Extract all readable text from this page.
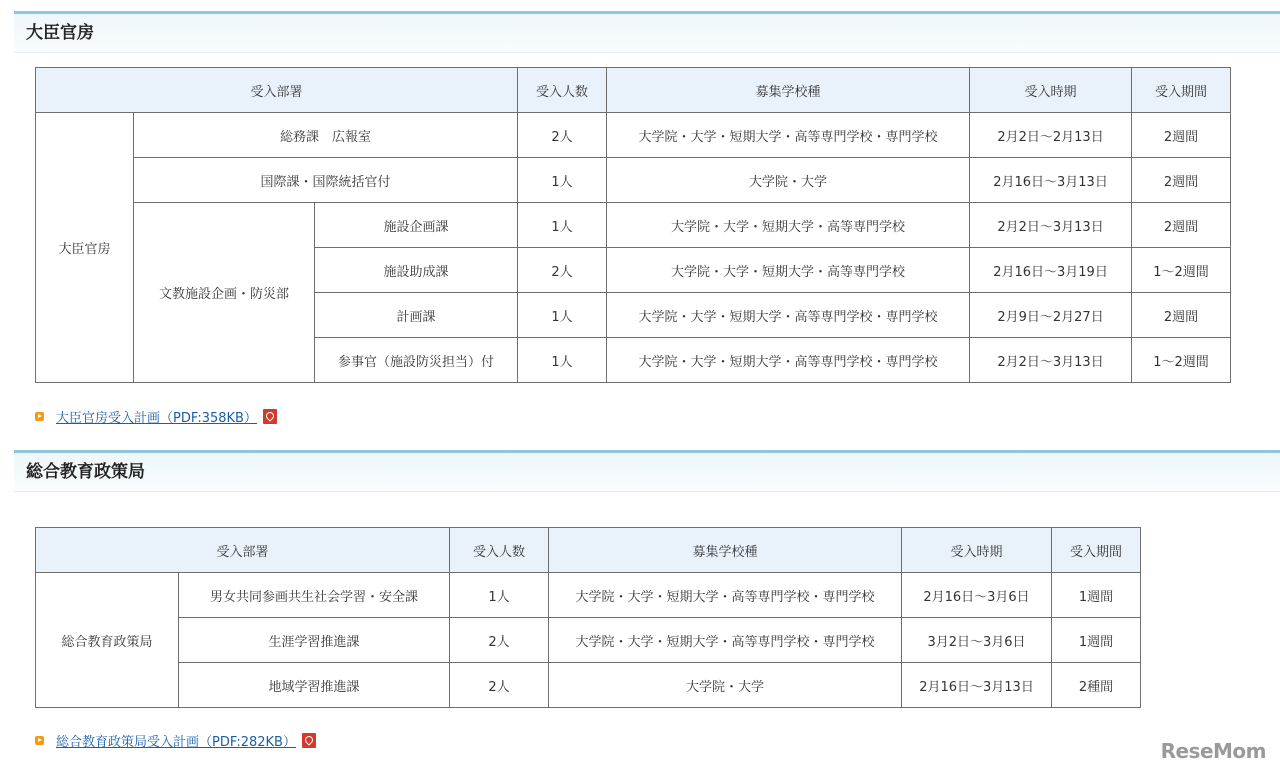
大臣官房
受入部署			受入人数	募集学校種	受入時期	受入期間
大臣官房	総務課　広報室		2人	大学院・大学・短期大学・高等専門学校・専門学校	2月2日～2月13日	2週間
	国際課・国際統括官付		1人	大学院・大学	2月16日～3月13日	2週間
	文教施設企画・防災部	施設企画課	1人	大学院・大学・短期大学・高等専門学校	2月2日～3月13日	2週間
		施設助成課	2人	大学院・大学・短期大学・高等専門学校	2月16日～3月19日	1～2週間
		計画課	1人	大学院・大学・短期大学・高等専門学校・専門学校	2月9日～2月27日	2週間
		参事官（施設防災担当）付	1人	大学院・大学・短期大学・高等専門学校・専門学校	2月2日～3月13日	1～2週間
大臣官房受入計画（PDF:358KB）
総合教育政策局
受入部署		受入人数	募集学校種	受入時期	受入期間
総合教育政策局	男女共同参画共生社会学習・安全課	1人	大学院・大学・短期大学・高等専門学校・専門学校	2月16日～3月6日	1週間
	生涯学習推進課	2人	大学院・大学・短期大学・高等専門学校・専門学校	3月2日～3月6日	1週間
	地域学習推進課	2人	大学院・大学	2月16日～3月13日	2種間
総合教育政策局受入計画（PDF:282KB）	ReseMom
